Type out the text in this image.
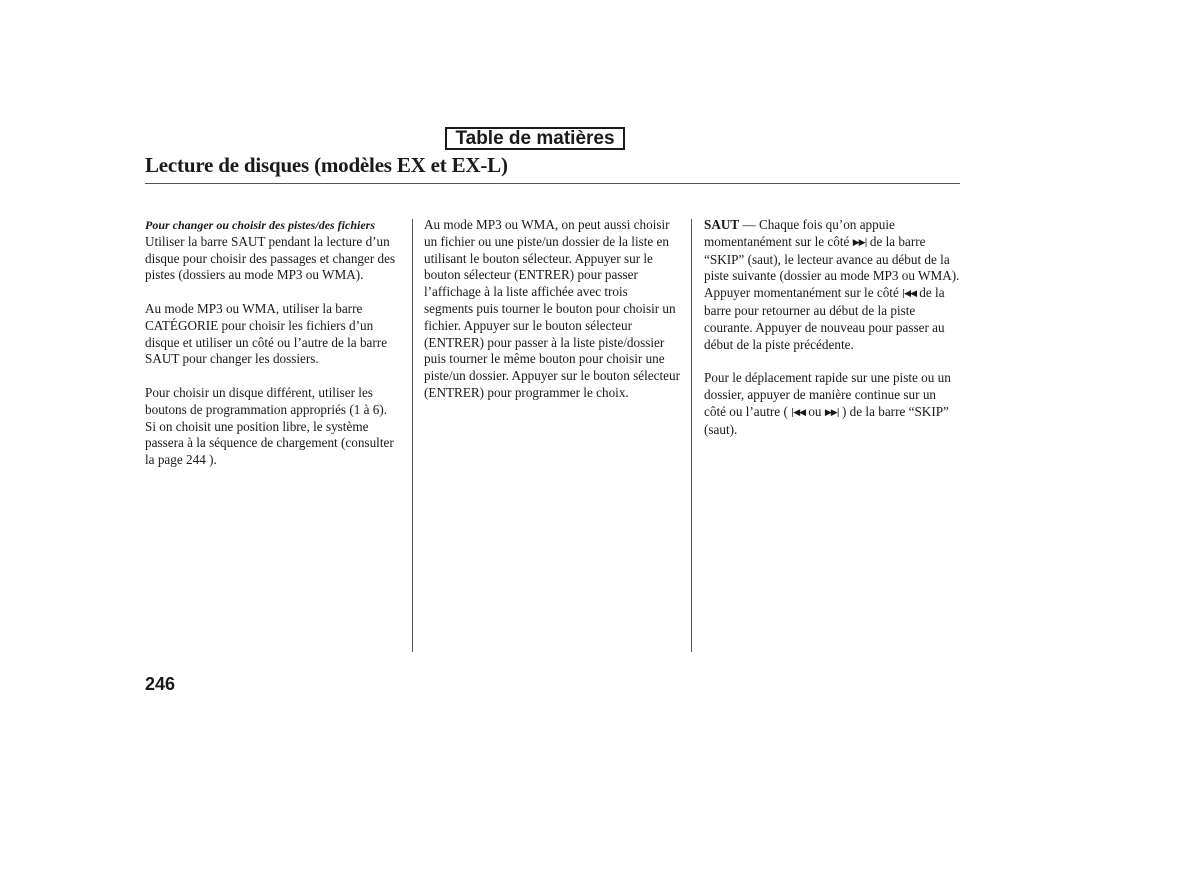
Table de matières
Lecture de disques (modèles EX et EX-L)
Pour changer ou choisir des pistes/des fichiers

Utiliser la barre SAUT pendant la lecture d’un disque pour choisir des passages et changer des pistes (dossiers au mode MP3 ou WMA).

Au mode MP3 ou WMA, utiliser la barre CATÉGORIE pour choisir les fichiers d’un disque et utiliser un côté ou l’autre de la barre SAUT pour changer les dossiers.

Pour choisir un disque différent, utiliser les boutons de programmation appropriés (1 à 6). Si on choisit une position libre, le système passera à la séquence de chargement (consulter la page 244 ).

Au mode MP3 ou WMA, on peut aussi choisir un fichier ou une piste/un dossier de la liste en utilisant le bouton sélecteur. Appuyer sur le bouton sélecteur (ENTRER) pour passer l’affichage à la liste affichée avec trois segments puis tourner le bouton pour choisir un fichier. Appuyer sur le bouton sélecteur (ENTRER) pour passer à la liste piste/dossier puis tourner le même bouton pour choisir une piste/un dossier. Appuyer sur le bouton sélecteur (ENTRER) pour programmer le choix.

SAUT — Chaque fois qu’on appuie momentanément sur le côté ▶▶| de la barre “SKIP” (saut), le lecteur avance au début de la piste suivante (dossier au mode MP3 ou WMA). Appuyer momentanément sur le côté |◀◀ de la barre pour retourner au début de la piste courante. Appuyer de nouveau pour passer au début de la piste précédente.

Pour le déplacement rapide sur une piste ou un dossier, appuyer de manière continue sur un côté ou l’autre ( |◀◀ ou ▶▶| ) de la barre “SKIP” (saut).

246
